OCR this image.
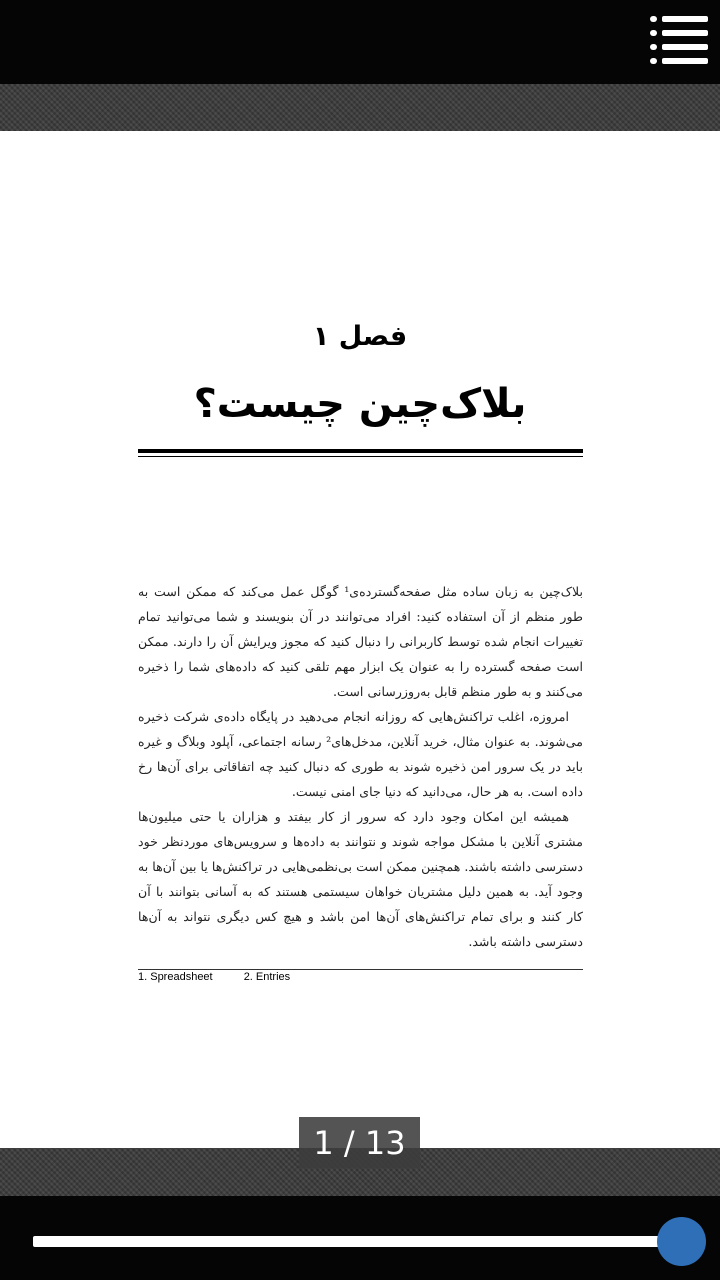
فصل ۱
بلاک‌چین چیست؟

بلاک‌چین به زبان ساده مثل صفحه‌گسترده‌ی¹ گوگل عمل می‌کند که ممکن است به طور منظم از آن استفاده کنید: افراد می‌توانند در آن بنویسند و شما می‌توانید تمام تغییرات انجام شده توسط کاربرانی را دنبال کنید که مجوز ویرایش آن را دارند. ممکن است صفحه گسترده را به عنوان یک ابزار مهم تلقی کنید که داده‌های شما را ذخیره می‌کنند و به طور منظم قابل به‌روزرسانی است.

امروزه، اغلب تراکنش‌هایی که روزانه انجام می‌دهید در پایگاه داده‌ی شرکت ذخیره می‌شوند. به عنوان مثال، خرید آنلاین، مدخل‌های² رسانه اجتماعی، آپلود وبلاگ و غیره باید در یک سرور امن ذخیره شوند به طوری که دنبال کنید چه اتفاقاتی برای آن‌ها رخ داده است. به هر حال، می‌دانید که دنیا جای امنی نیست.

همیشه این امکان وجود دارد که سرور از کار بیفتد و هزاران یا حتی میلیون‌ها مشتری آنلاین با مشکل مواجه شوند و نتوانند به داده‌ها و سرویس‌های موردنظر خود دسترسی داشته باشند. همچنین ممکن است بی‌نظمی‌هایی در تراکنش‌ها یا بین آن‌ها به وجود آید. به همین دلیل مشتریان خواهان سیستمی هستند که به آسانی بتوانند با آن کار کنند و برای تمام تراکنش‌های آن‌ها امن باشد و هیچ کس دیگری نتواند به آن‌ها دسترسی داشته باشد.

1. Spreadsheet	2. Entries
1 / 13
